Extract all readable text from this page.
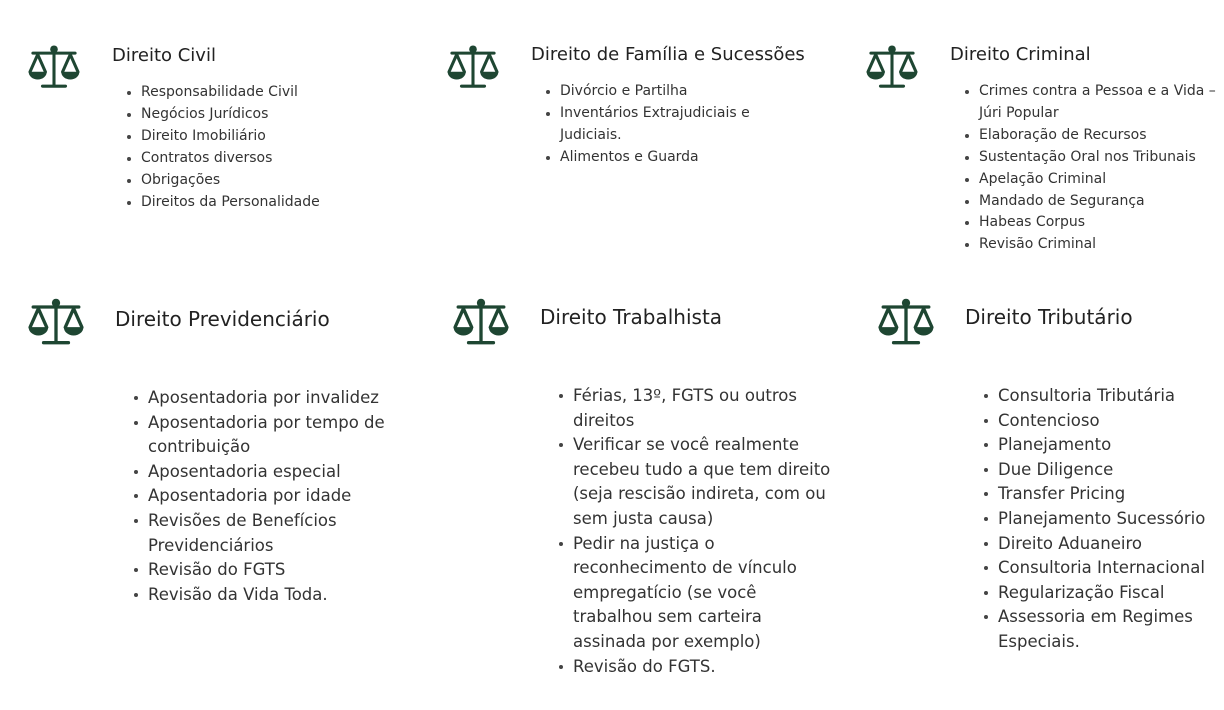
Direito Civil
Responsabilidade Civil
Negócios Jurídicos
Direito Imobiliário
Contratos diversos
Obrigações
Direitos da Personalidade
Direito de Família e Sucessões
Divórcio e Partilha
Inventários Extrajudiciais e Judiciais.
Alimentos e Guarda
Direito Criminal
Crimes contra a Pessoa e a Vida – Júri Popular
Elaboração de Recursos
Sustentação Oral nos Tribunais
Apelação Criminal
Mandado de Segurança
Habeas Corpus
Revisão Criminal
Direito Previdenciário
Aposentadoria por invalidez
Aposentadoria por tempo de contribuição
Aposentadoria especial
Aposentadoria por idade
Revisões de Benefícios Previdenciários
Revisão do FGTS
Revisão da Vida Toda.
Direito Trabalhista
Férias, 13º, FGTS ou outros direitos
Verificar se você realmente recebeu tudo a que tem direito (seja rescisão indireta, com ou sem justa causa)
Pedir na justiça o reconhecimento de vínculo empregatício (se você trabalhou sem carteira assinada por exemplo)
Revisão do FGTS.
Direito Tributário
Consultoria Tributária
Contencioso
Planejamento
Due Diligence
Transfer Pricing
Planejamento Sucessório
Direito Aduaneiro
Consultoria Internacional
Regularização Fiscal
Assessoria em Regimes Especiais.
